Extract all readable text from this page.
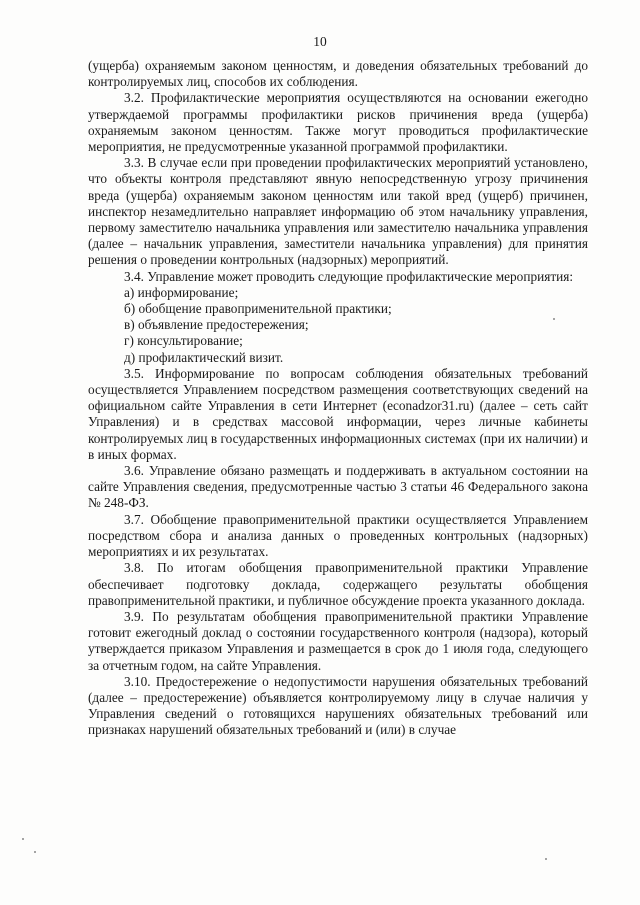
10

(ущерба) охраняемым законом ценностям, и доведения обязательных требований до контролируемых лиц, способов их соблюдения.

3.2. Профилактические мероприятия осуществляются на основании ежегодно утверждаемой программы профилактики рисков причинения вреда (ущерба) охраняемым законом ценностям. Также могут проводиться профилактические мероприятия, не предусмотренные указанной программой профилактики.

3.3. В случае если при проведении профилактических мероприятий установлено, что объекты контроля представляют явную непосредственную угрозу причинения вреда (ущерба) охраняемым законом ценностям или такой вред (ущерб) причинен, инспектор незамедлительно направляет информацию об этом начальнику управления, первому заместителю начальника управления или заместителю начальника управления (далее – начальник управления, заместители начальника управления) для принятия решения о проведении контрольных (надзорных) мероприятий.

3.4. Управление может проводить следующие профилактические мероприятия:

а) информирование;

б) обобщение правоприменительной практики;

в) объявление предостережения;

г) консультирование;

д) профилактический визит.

3.5. Информирование по вопросам соблюдения обязательных требований осуществляется Управлением посредством размещения соответствующих сведений на официальном сайте Управления в сети Интернет (econadzor31.ru) (далее – сеть сайт Управления) и в средствах массовой информации, через личные кабинеты контролируемых лиц в государственных информационных системах (при их наличии) и в иных формах.

3.6. Управление обязано размещать и поддерживать в актуальном состоянии на сайте Управления сведения, предусмотренные частью 3 статьи 46 Федерального закона № 248-ФЗ.

3.7. Обобщение правоприменительной практики осуществляется Управлением посредством сбора и анализа данных о проведенных контрольных (надзорных) мероприятиях и их результатах.

3.8. По итогам обобщения правоприменительной практики Управление обеспечивает подготовку доклада, содержащего результаты обобщения правоприменительной практики, и публичное обсуждение проекта указанного доклада.

3.9. По результатам обобщения правоприменительной практики Управление готовит ежегодный доклад о состоянии государственного контроля (надзора), который утверждается приказом Управления и размещается в срок до 1 июля года, следующего за отчетным годом, на сайте Управления.

3.10. Предостережение о недопустимости нарушения обязательных требований (далее – предостережение) объявляется контролируемому лицу в случае наличия у Управления сведений о готовящихся нарушениях обязательных требований или признаках нарушений обязательных требований и (или) в случае
